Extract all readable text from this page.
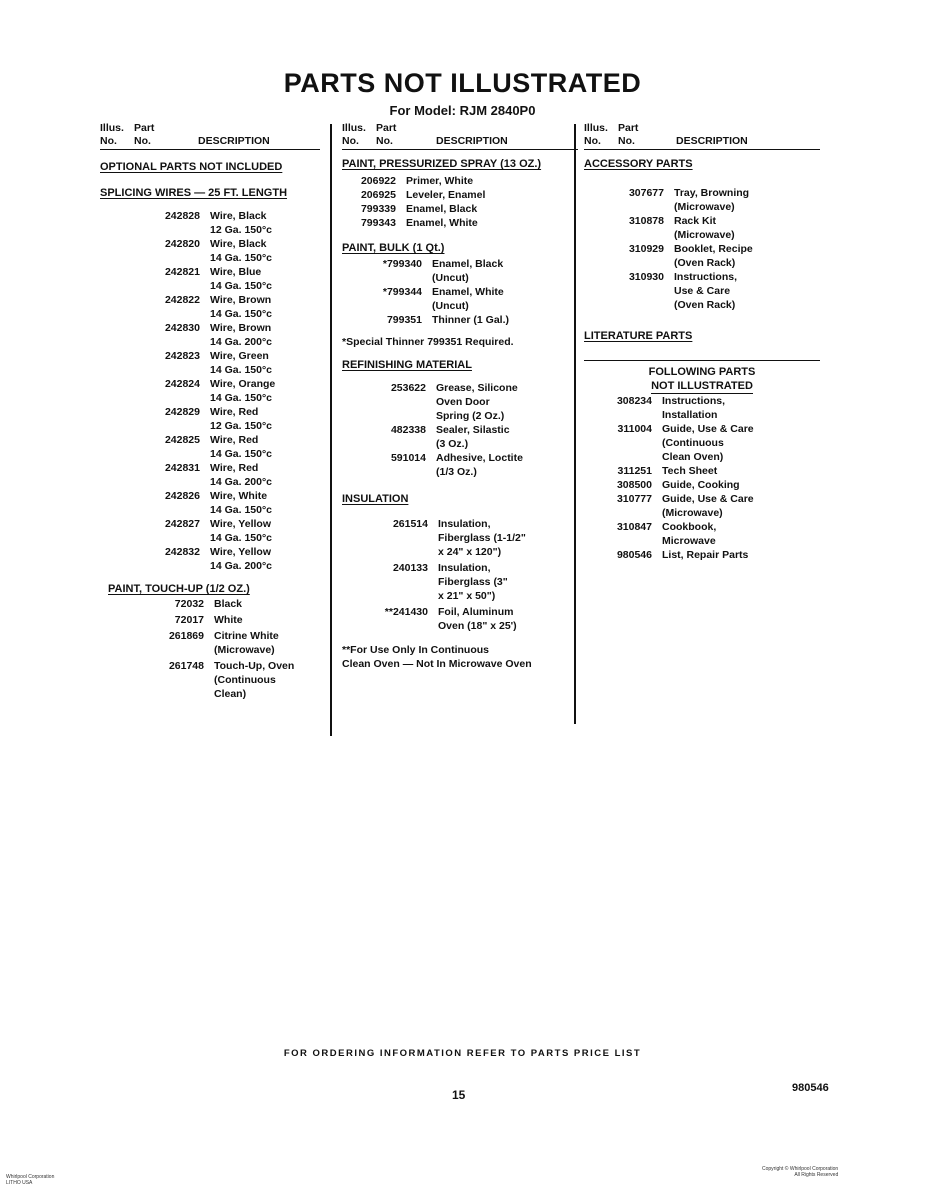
PARTS NOT ILLUSTRATED
For Model: RJM 2840P0
Illus. Part
No.	No.	DESCRIPTION
OPTIONAL PARTS NOT INCLUDED
SPLICING WIRES — 25 FT. LENGTH
242828 Wire, Black
12 Ga. 150°c
242820 Wire, Black
14 Ga. 150°c
242821 Wire, Blue
14 Ga. 150°c
242822 Wire, Brown
14 Ga. 150°c
242830 Wire, Brown
14 Ga. 200°c
242823 Wire, Green
14 Ga. 150°c
242824 Wire, Orange
14 Ga. 150°c
242829 Wire, Red
12 Ga. 150°c
242825 Wire, Red
14 Ga. 150°c
242831 Wire, Red
14 Ga. 200°c
242826 Wire, White
14 Ga. 150°c
242827 Wire, Yellow
14 Ga. 150°c
242832 Wire, Yellow
14 Ga. 200°c
PAINT, TOUCH-UP (1/2 OZ.)
72032 Black
72017 White
261869 Citrine White
(Microwave)
261748 Touch-Up, Oven
(Continuous
Clean)
Illus. Part
No.	No.	DESCRIPTION
PAINT, PRESSURIZED SPRAY (13 OZ.)
206922 Primer, White
206925 Leveler, Enamel
799339 Enamel, Black
799343 Enamel, White
PAINT, BULK (1 Qt.)
*799340 Enamel, Black
(Uncut)
*799344 Enamel, White
(Uncut)
799351 Thinner (1 Gal.)
*Special Thinner 799351 Required.
REFINISHING MATERIAL
253622 Grease, Silicone
Oven Door
Spring (2 Oz.)
482338 Sealer, Silastic
(3 Oz.)
591014 Adhesive, Loctite
(1/3 Oz.)
INSULATION
261514 Insulation,
Fiberglass (1-1/2"
x 24" x 120")
240133 Insulation,
Fiberglass (3"
x 21" x 50")
**241430 Foil, Aluminum
Oven (18" x 25')
**For Use Only In Continuous
Clean Oven — Not In Microwave Oven
Illus. Part
No.	No.	DESCRIPTION
ACCESSORY PARTS
307677 Tray, Browning
(Microwave)
310878 Rack Kit
(Microwave)
310929 Booklet, Recipe
(Oven Rack)
310930 Instructions,
Use & Care
(Oven Rack)
LITERATURE PARTS
FOLLOWING PARTS
NOT ILLUSTRATED
308234 Instructions,
Installation
311004 Guide, Use & Care
(Continuous
Clean Oven)
311251 Tech Sheet
308500 Guide, Cooking
310777 Guide, Use & Care
(Microwave)
310847 Cookbook,
Microwave
980546 List, Repair Parts
FOR ORDERING INFORMATION REFER TO PARTS PRICE LIST
15	980546
Whirlpool Corporation
LITHO USA
Copyright © Whirlpool Corporation
All Rights Reserved
